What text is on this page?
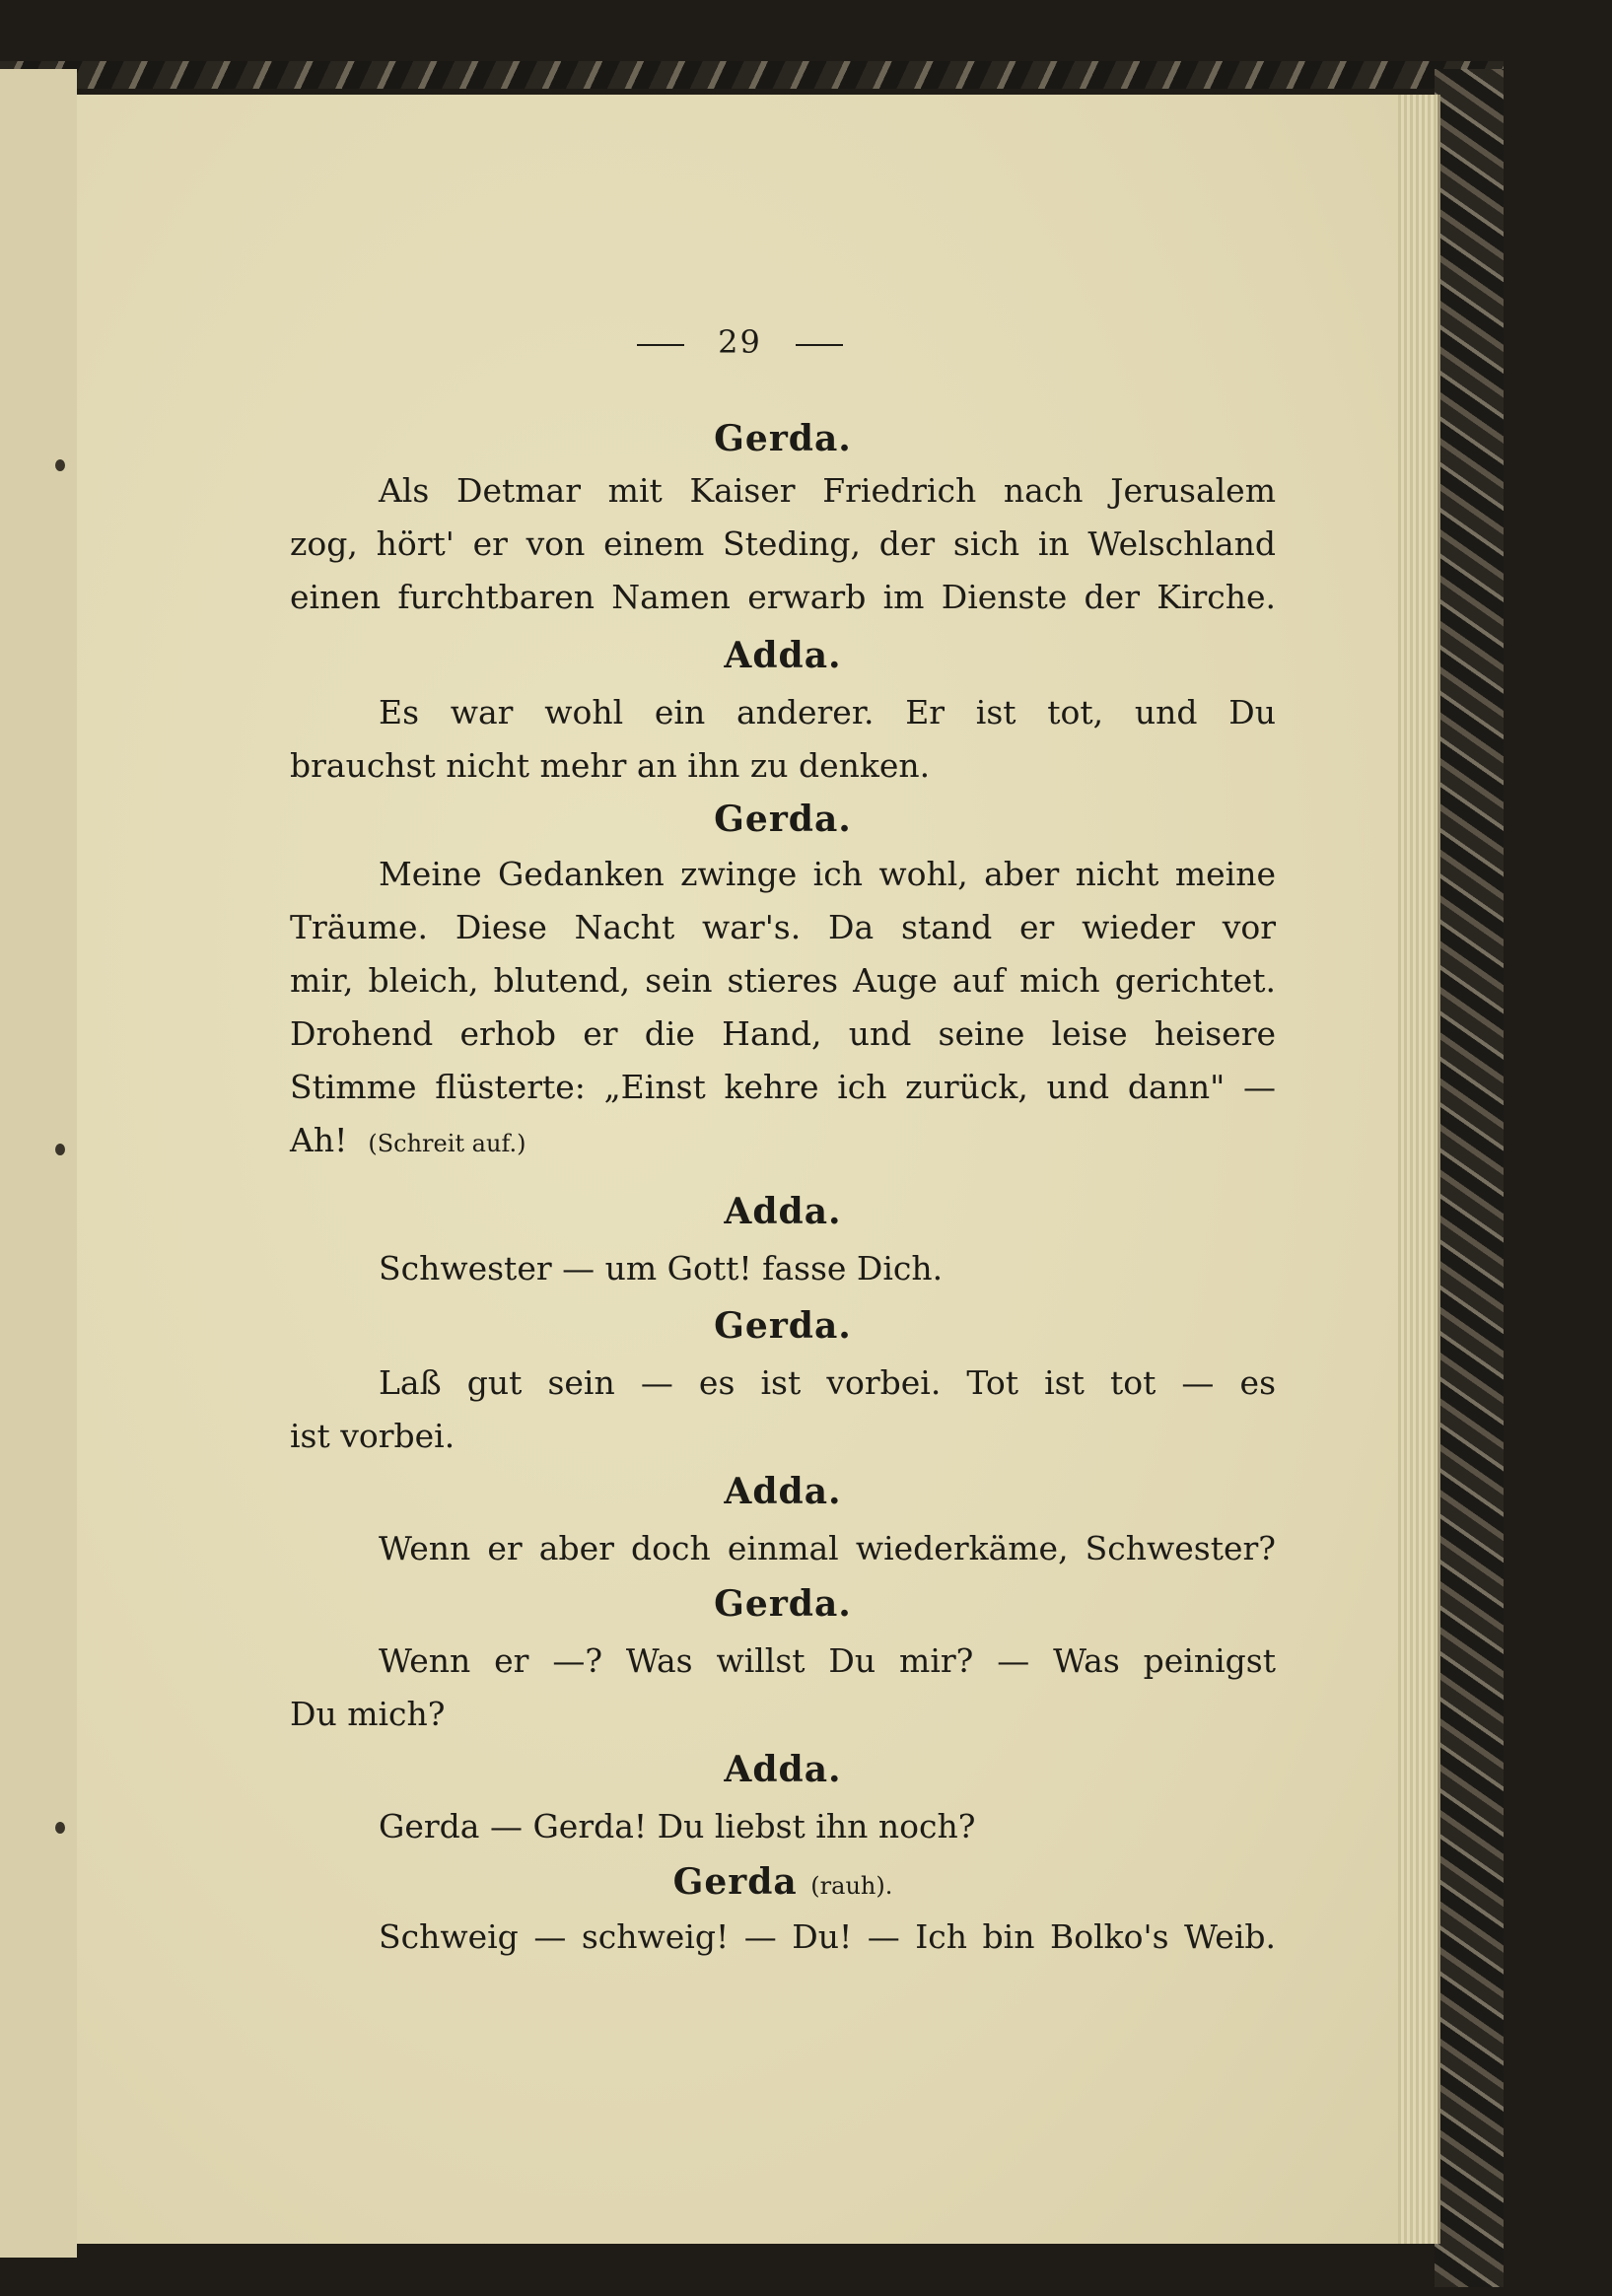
29
Gerda.
Als Detmar mit Kaiser Friedrich nach Jerusalem
zog, hört' er von einem Steding, der sich in Welschland
einen furchtbaren Namen erwarb im Dienste der Kirche.
Adda.
Es war wohl ein anderer. Er ist tot, und Du
brauchst nicht mehr an ihn zu denken.
Gerda.
Meine Gedanken zwinge ich wohl, aber nicht meine
Träume. Diese Nacht war's. Da stand er wieder vor
mir, bleich, blutend, sein stieres Auge auf mich gerichtet.
Drohend erhob er die Hand, und seine leise heisere
Stimme flüsterte: „Einst kehre ich zurück, und dann" —
Ah! (Schreit auf.)
Adda.
Schwester — um Gott! fasse Dich.
Gerda.
Laß gut sein — es ist vorbei. Tot ist tot — es
ist vorbei.
Adda.
Wenn er aber doch einmal wiederkäme, Schwester?
Gerda.
Wenn er —? Was willst Du mir? — Was peinigst
Du mich?
Adda.
Gerda — Gerda! Du liebst ihn noch?
Gerda (rauh).
Schweig — schweig! — Du! — Ich bin Bolko's Weib.
